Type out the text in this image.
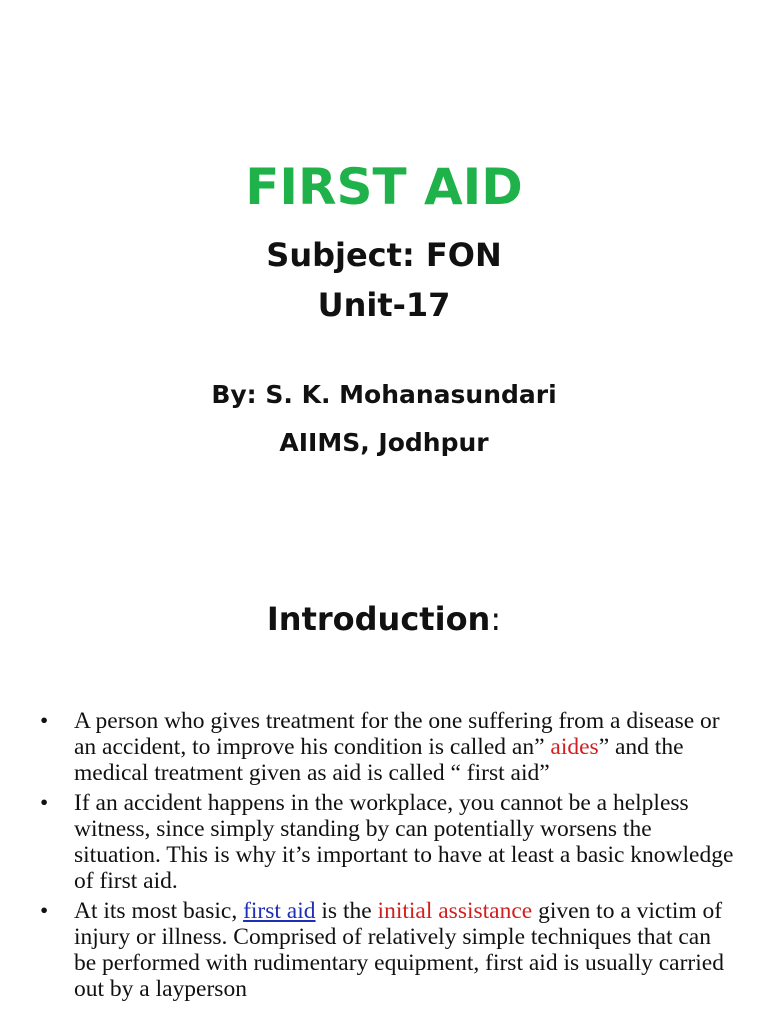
FIRST AID
Subject: FON
Unit-17
By: S. K. Mohanasundari
AIIMS, Jodhpur
Introduction:
• A person who gives treatment for the one suffering from a disease or an accident, to improve his condition is called an” aides” and the medical treatment given as aid is called “ first aid”
• If an accident happens in the workplace, you cannot be a helpless witness, since simply standing by can potentially worsens the situation. This is why it’s important to have at least a basic knowledge of first aid.
• At its most basic, first aid is the initial assistance given to a victim of injury or illness. Comprised of relatively simple techniques that can be performed with rudimentary equipment, first aid is usually carried out by a layperson
